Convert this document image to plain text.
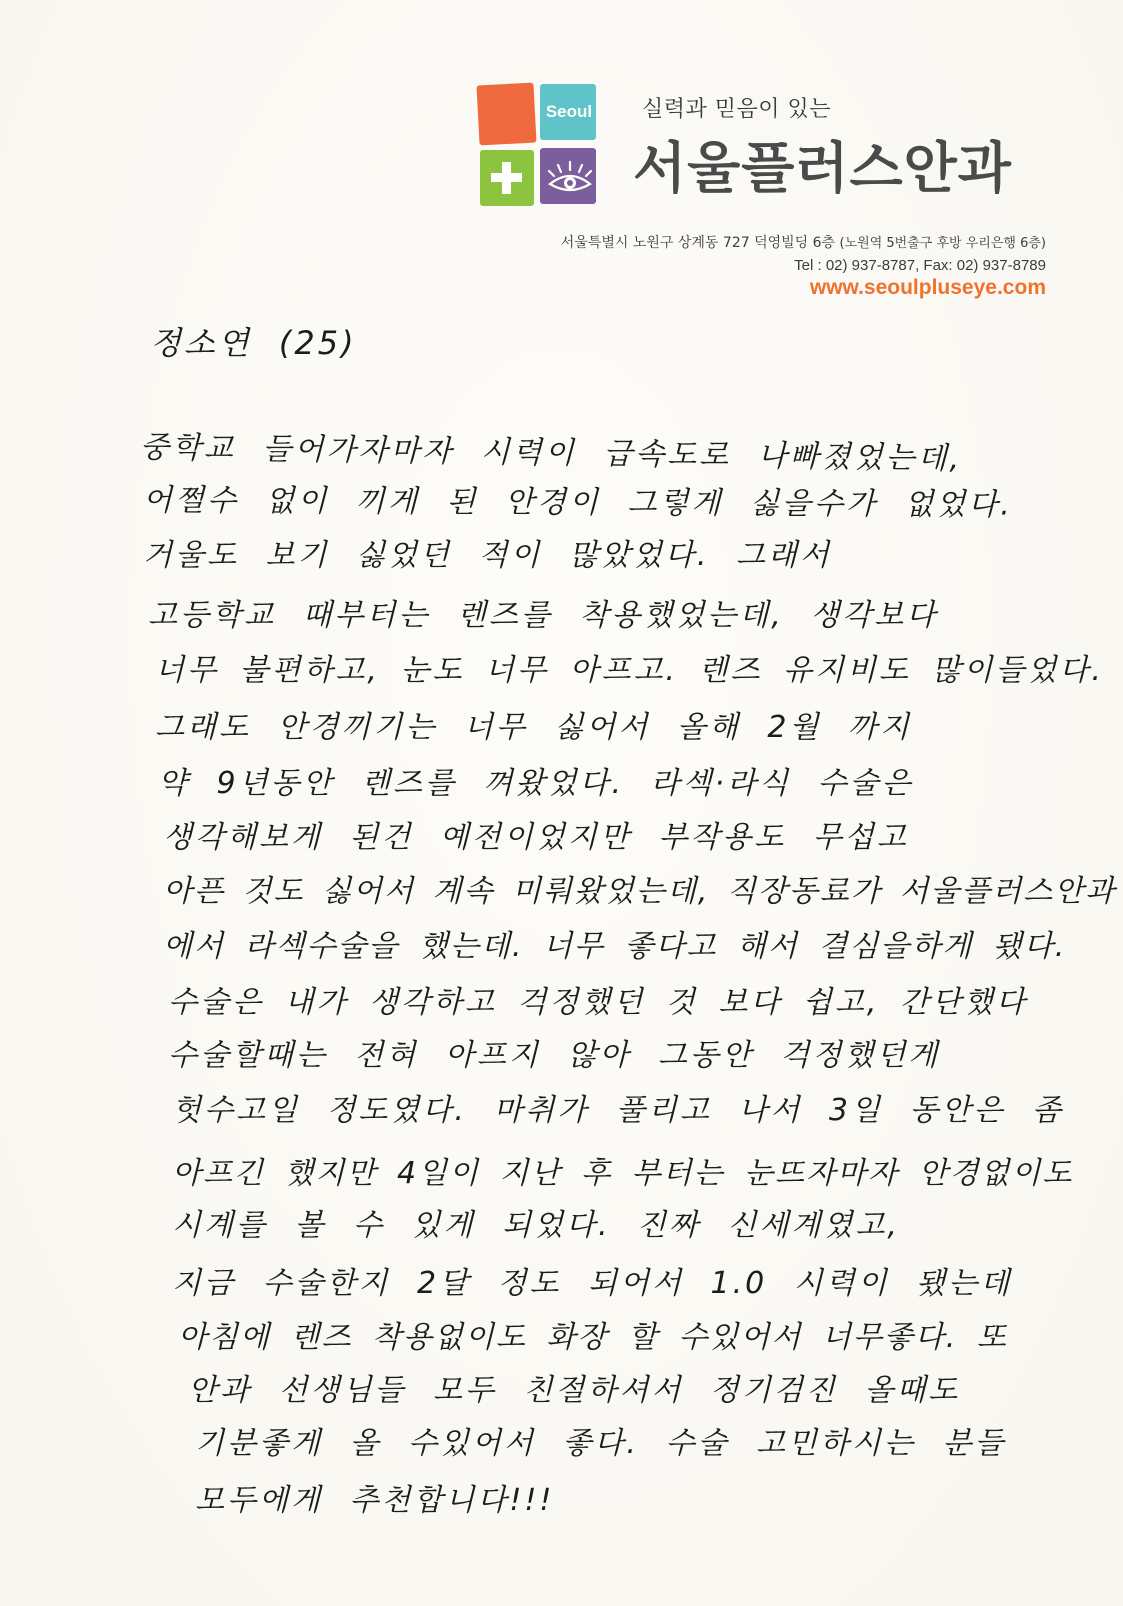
Seoul 실력과 믿음이 있는
서울플러스안과
서울특별시 노원구 상계동 727 덕영빌딩 6층 (노원역 5번출구 후방 우리은행 6층)
Tel : 02) 937-8787, Fax: 02) 937-8789
www.seoulpluseye.com
정소연 (25)
중학교 들어가자마자 시력이 급속도로 나빠졌었는데,
어쩔수 없이 끼게 된 안경이 그렇게 싫을수가 없었다.
거울도 보기 싫었던 적이 많았었다. 그래서
고등학교 때부터는 렌즈를 착용했었는데, 생각보다
너무 불편하고, 눈도 너무 아프고. 렌즈 유지비도 많이들었다.
그래도 안경끼기는 너무 싫어서 올해 2월 까지
약 9년동안 렌즈를 껴왔었다. 라섹·라식 수술은
생각해보게 된건 예전이었지만 부작용도 무섭고
아픈 것도 싫어서 계속 미뤄왔었는데, 직장동료가 서울플러스안과
에서 라섹수술을 했는데. 너무 좋다고 해서 결심을하게 됐다.
수술은 내가 생각하고 걱정했던 것 보다 쉽고, 간단했다
수술할때는 전혀 아프지 않아 그동안 걱정했던게
헛수고일 정도였다. 마취가 풀리고 나서 3일 동안은 좀
아프긴 했지만 4일이 지난 후 부터는 눈뜨자마자 안경없이도
시계를 볼 수 있게 되었다. 진짜 신세계였고,
지금 수술한지 2달 정도 되어서 1.0 시력이 됐는데
아침에 렌즈 착용없이도 화장 할 수있어서 너무좋다. 또
안과 선생님들 모두 친절하셔서 정기검진 올때도
기분좋게 올 수있어서 좋다. 수술 고민하시는 분들
모두에게 추천합니다!!!
